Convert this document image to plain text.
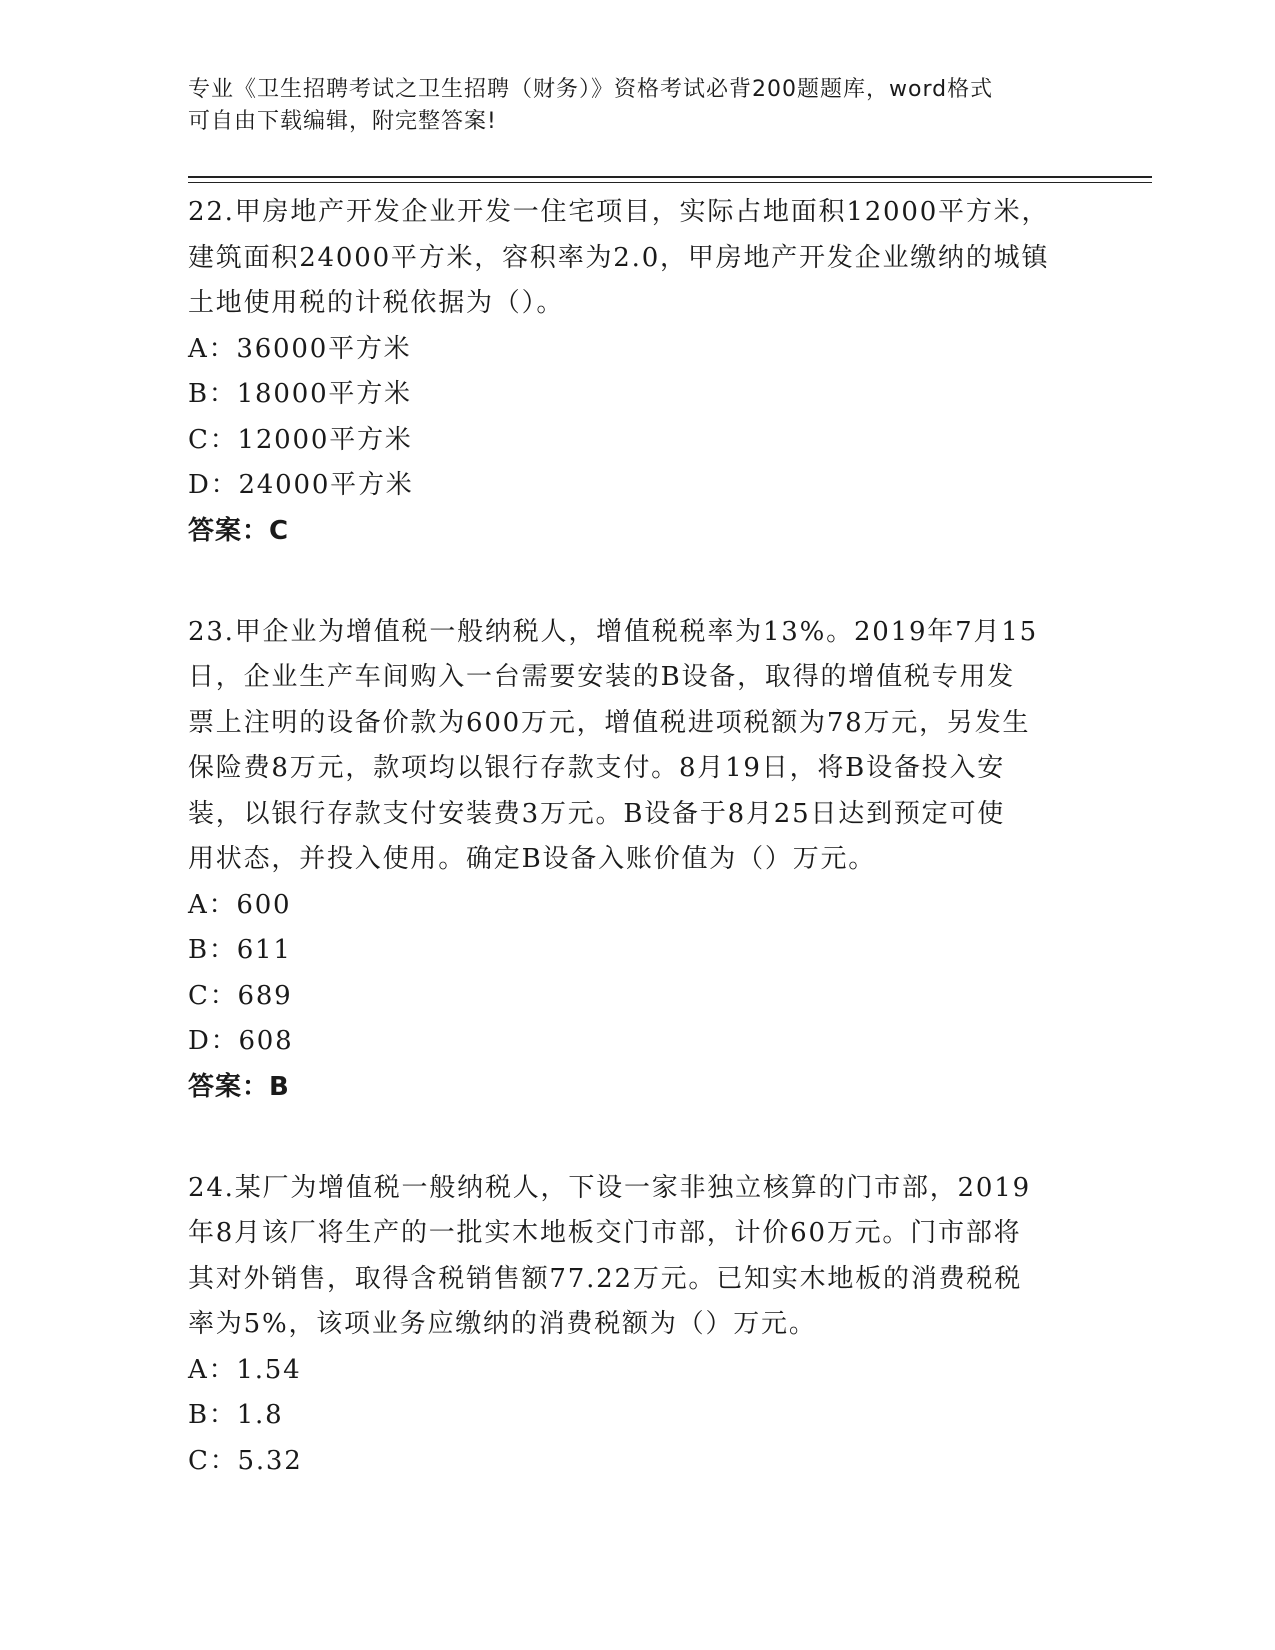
专业《卫生招聘考试之卫生招聘（财务）》资格考试必背200题题库，word格式
可自由下载编辑，附完整答案!
22.甲房地产开发企业开发一住宅项目，实际占地面积12000平方米，
建筑面积24000平方米，容积率为2.0，甲房地产开发企业缴纳的城镇
土地使用税的计税依据为（）。
A：36000平方米
B：18000平方米
C：12000平方米
D：24000平方米
答案：C
23.甲企业为增值税一般纳税人，增值税税率为13%。2019年7月15
日，企业生产车间购入一台需要安装的B设备，取得的增值税专用发
票上注明的设备价款为600万元，增值税进项税额为78万元，另发生
保险费8万元，款项均以银行存款支付。8月19日，将B设备投入安
装，以银行存款支付安装费3万元。B设备于8月25日达到预定可使
用状态，并投入使用。确定B设备入账价值为（）万元。
A：600
B：611
C：689
D：608
答案：B
24.某厂为增值税一般纳税人，下设一家非独立核算的门市部，2019
年8月该厂将生产的一批实木地板交门市部，计价60万元。门市部将
其对外销售，取得含税销售额77.22万元。已知实木地板的消费税税
率为5%，该项业务应缴纳的消费税额为（）万元。
A：1.54
B：1.8
C：5.32
